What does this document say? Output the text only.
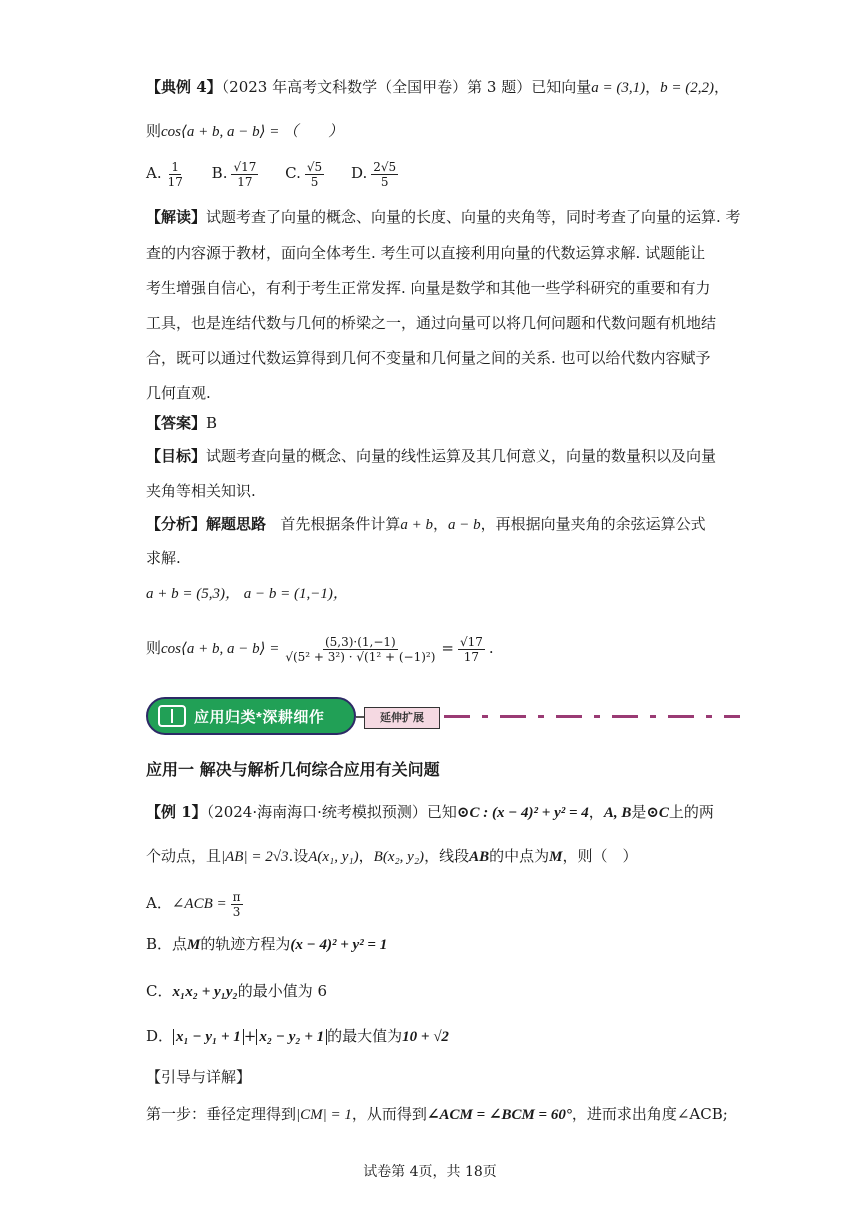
【典例 4】（2023 年高考文科数学（全国甲卷）第 3 题）已知向量a = (3,1)，b = (2,2)，
则cos⟨a + b, a − b⟩ = （　　）
A. $\frac{1}{17} B$. $\frac{√17}{17} C$. $\frac{√5}{5} D$. $\frac{2√5}{5}$
【解读】试题考查了向量的概念、向量的长度、向量的夹角等，同时考查了向量的运算. 考
查的内容源于教材，面向全体考生. 考生可以直接利用向量的代数运算求解. 试题能让
考生增强自信心，有利于考生正常发挥. 向量是数学和其他一些学科研究的重要和有力
工具，也是连结代数与几何的桥梁之一，通过向量可以将几何问题和代数问题有机地结
合，既可以通过代数运算得到几何不变量和几何量之间的关系. 也可以给代数内容赋予
几何直观.
【答案】B
【目标】试题考查向量的概念、向量的线性运算及其几何意义，向量的数量积以及向量
夹角等相关知识.
【分析】解题思路 首先根据条件计算a + b，a − b，再根据向量夹角的余弦运算公式
求解.
a + b = (5,3)， a − b = (1,−1)，
则cos⟨a + b, a − b⟩ = $\frac{(5,3)\cdot(1,-1)}{\text{√(5² + 3²) · √(1² + (−1)²)}} = \frac{√17}{17}$ .
应用归类*深耕细作	延伸扩展
应用一 解决与解析几何综合应用有关问题
【例 1】（2024·海南海口·统考模拟预测）已知⊙C : (x − 4)² + y² = 4，A, B是⊙C上的两
个动点，且|AB| = 2√3.设A(x₁, y₁)，B(x₂, y₂)，线段AB的中点为M，则（　）
A．∠ACB = $\frac{\pi}{3}$
B．点M的轨迹方程为(x − 4)² + y² = 1
C．x₁x₂ + y₁y₂的最小值为 6
D． x₁ − y₁ + 1 + x₂ − y₂ + 1 的最大值为10 + √2
【引导与详解】
第一步：垂径定理得到|CM| = 1，从而得到∠ACM = ∠BCM = 60°，进而求出角度∠ACB;
试卷第 4页，共 18页
